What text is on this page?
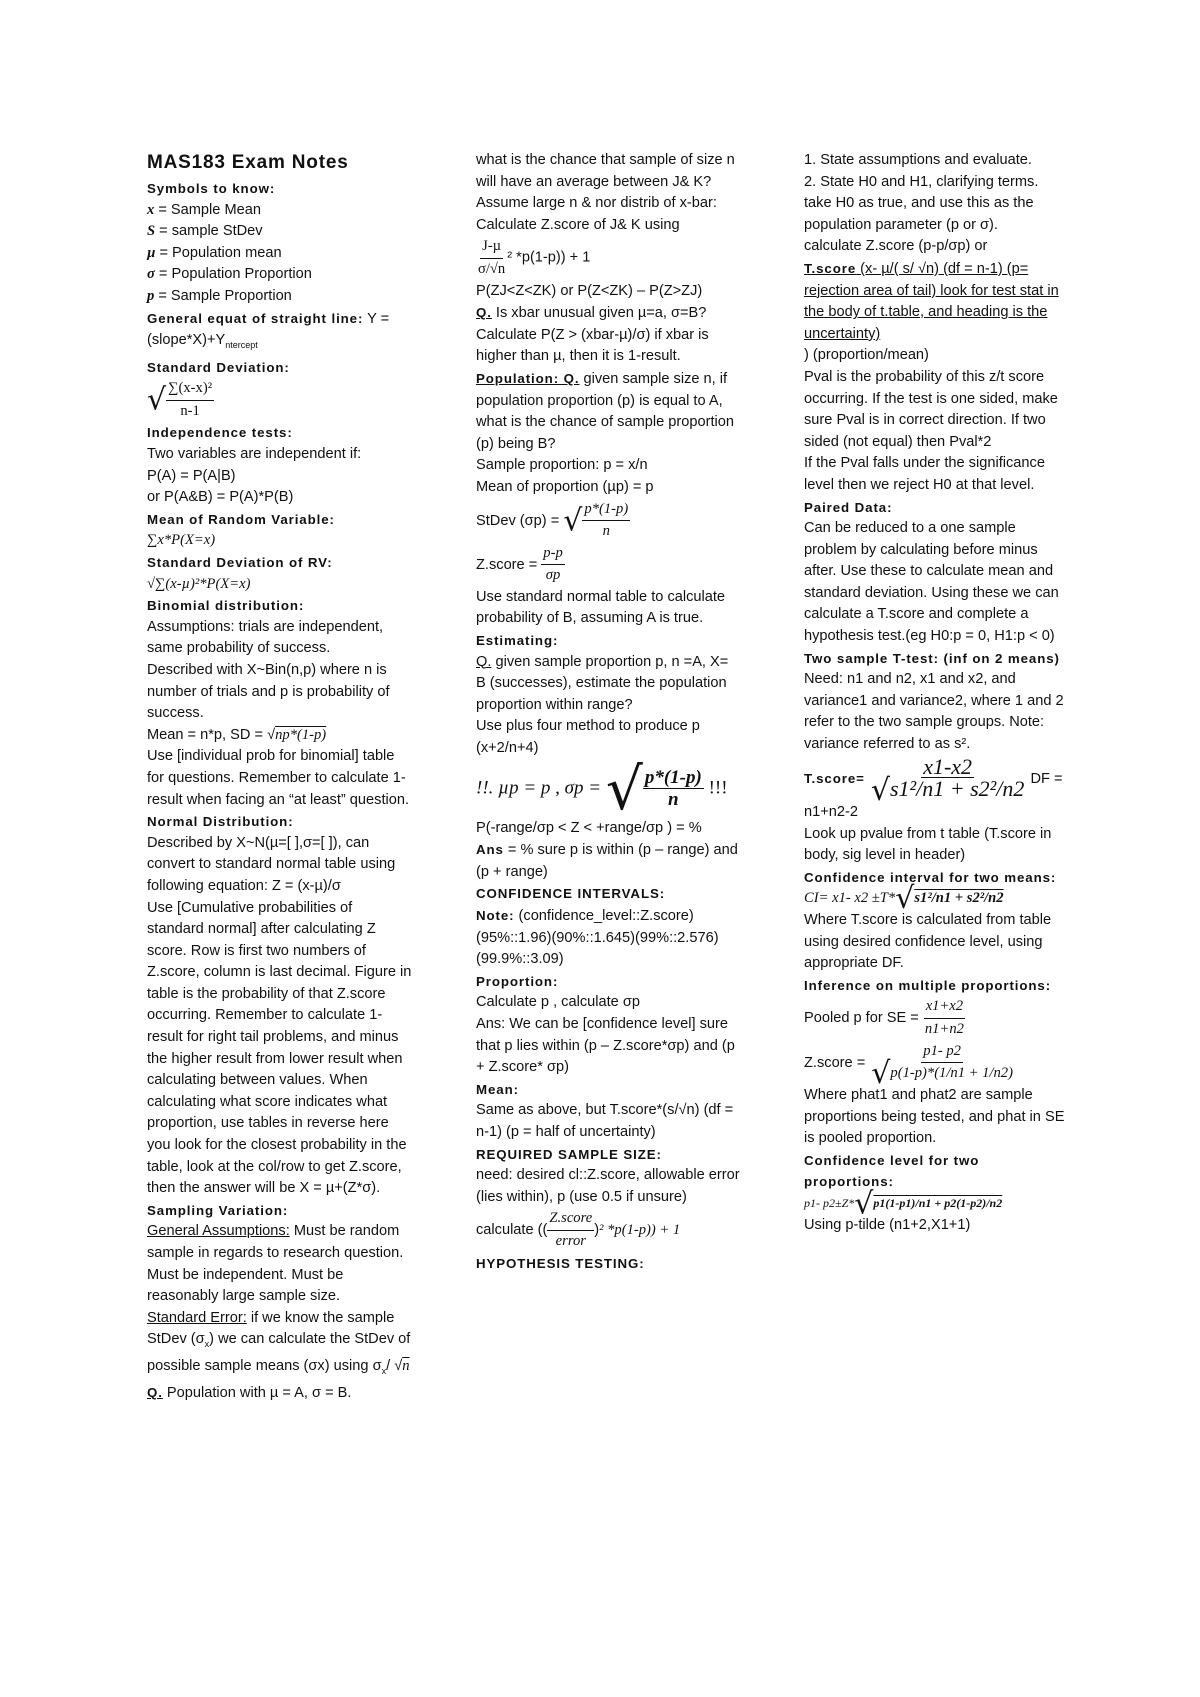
MAS183 Exam Notes

Symbols to know:

x = Sample Mean

S = sample StDev

µ = Population mean

σ = Population Proportion

p = Sample Proportion

General equat of straight line: $Y = (slope*X)+Y_{ntercept}$

Standard Deviation:

√ $\frac{\text{∑(x-x)²}}{n-1}$

Independence tests:

Two variables are independent if:

P(A) = P(A|B)

or P(A&B) = P(A)*P(B)

Mean of Random Variable:

∑x*P(X=x)

Standard Deviation of RV:

√∑(x-µ)²*P(X=x)

Binomial distribution:

Assumptions: trials are independent, same probability of success.

Described with X~Bin(n,p) where n is number of trials and p is probability of success.

Mean = n*p, SD = √np*(1-p)

Use [individual prob for binomial] table for questions. Remember to calculate 1-result when facing an “at least” question.

Normal Distribution:

Described by X~N(µ=[ ],σ=[ ]), can convert to standard normal table using following equation: Z = (x-µ)/σ

Use [Cumulative probabilities of standard normal] after calculating Z score. Row is first two numbers of Z.score, column is last decimal. Figure in table is the probability of that Z.score occurring. Remember to calculate 1-result for right tail problems, and minus the higher result from lower result when calculating between values. When calculating what score indicates what proportion, use tables in reverse here you look for the closest probability in the table, look at the col/row to get Z.score, then the answer will be X = µ+(Z*σ).

Sampling Variation:

General Assumptions: Must be random sample in regards to research question. Must be independent. Must be reasonably large sample size.

Standard Error: if we know the sample StDev $(\sigma_x)$ we can calculate the StDev of possible sample means (σx) using $\sigma_x/$ √n

Q. Population with µ = A, σ = B.

what is the chance that sample of size n will have an average between J& K?

Assume large n & nor distrib of x-bar:

Calculate Z.score of J& K using

$\frac{\text{J-µ}}{\sigma/√n} ^2$ *p(1-p)) + 1

P(ZJ<Z<ZK) or P(Z<ZK) – P(Z>ZJ)

Q. Is xbar unusual given µ=a, σ=B? Calculate P(Z > (xbar-µ)/σ) if xbar is higher than µ, then it is 1-result.

Population: Q. given sample size n, if population proportion (p) is equal to A, what is the chance of sample proportion (p) being B?

Sample proportion: p = x/n

Mean of proportion (µp) = p

StDev (σp) = √ $\frac{p*(1-p)}{n}$
Z.score = $\frac{p-p}{\sigma p}$

Use standard normal table to calculate probability of B, assuming A is true.

Estimating:

Q. given sample proportion p, n =A, X= B (successes), estimate the population proportion within range?

Use plus four method to produce p (x+2/n+4)

!!. µp = p , σp = √ $\frac{p*(1-p)}{n}$ !!!

P(-range/σp < Z < +range/σp ) = %

Ans = % sure p is within (p – range) and (p + range)

CONFIDENCE INTERVALS:

Note: (confidence_level::Z.score) (95%::1.96)(90%::1.645)(99%::2.576)

(99.9%::3.09)

Proportion:

Calculate p , calculate σp

Ans: We can be [confidence level] sure that p lies within (p – Z.score*σp) and (p + Z.score* σp)

Mean:

Same as above, but T.score*(s/√n) (df = n-1) (p = half of uncertainty)

REQUIRED SAMPLE SIZE:

need: desired cl::Z.score, allowable error (lies within), p (use 0.5 if unsure)

calculate (( $\frac{\text{Z.score}}{\text{error}} )^2$ *p(1-p)) + 1

HYPOTHESIS TESTING:

1. State assumptions and evaluate.

2. State H0 and H1, clarifying terms. take H0 as true, and use this as the population parameter (p or σ).

calculate Z.score (p-p/σp) or

T.score (x- µ/( s/ √n) (df = n-1) (p= rejection area of tail) look for test stat in the body of t.table, and heading is the uncertainty)

) (proportion/mean)

Pval is the probability of this z/t score occurring. If the test is one sided, make sure Pval is in correct direction. If two sided (not equal) then Pval*2

If the Pval falls under the significance level then we reject H0 at that level.

Paired Data:

Can be reduced to a one sample problem by calculating before minus after. Use these to calculate mean and standard deviation. Using these we can calculate a T.score and complete a hypothesis test.(eg H0:p = 0, H1:p < 0)

Two sample T-test: (inf on 2 means)

Need: n1 and n2, x1 and x2, and variance1 and variance2, where 1 and 2 refer to the two sample groups. Note: variance referred to as s².

T.score= $\frac{x1-x2}{\text{√s1²/n1 + s2²/n2}}$ DF =

n1+n2-2

Look up pvalue from t table (T.score in body, sig level in header)

Confidence interval for two means:

CI= x1- x2 ±T*√s1²/n1 + s2²/n2

Where T.score is calculated from table using desired confidence level, using appropriate DF.

Inference on multiple proportions:

Pooled p for SE = $\frac{x1+x2}{n1+n2}$
Z.score = $\frac{p1- p2}{√p(1-p)*(1/n1 + 1/n2)}$

Where phat1 and phat2 are sample proportions being tested, and phat in SE is pooled proportion.

Confidence level for two proportions:

p1- p2±Z*√p1(1-p1)/n1 + p2(1-p2)/n2

Using p-tilde (n1+2,X1+1)
